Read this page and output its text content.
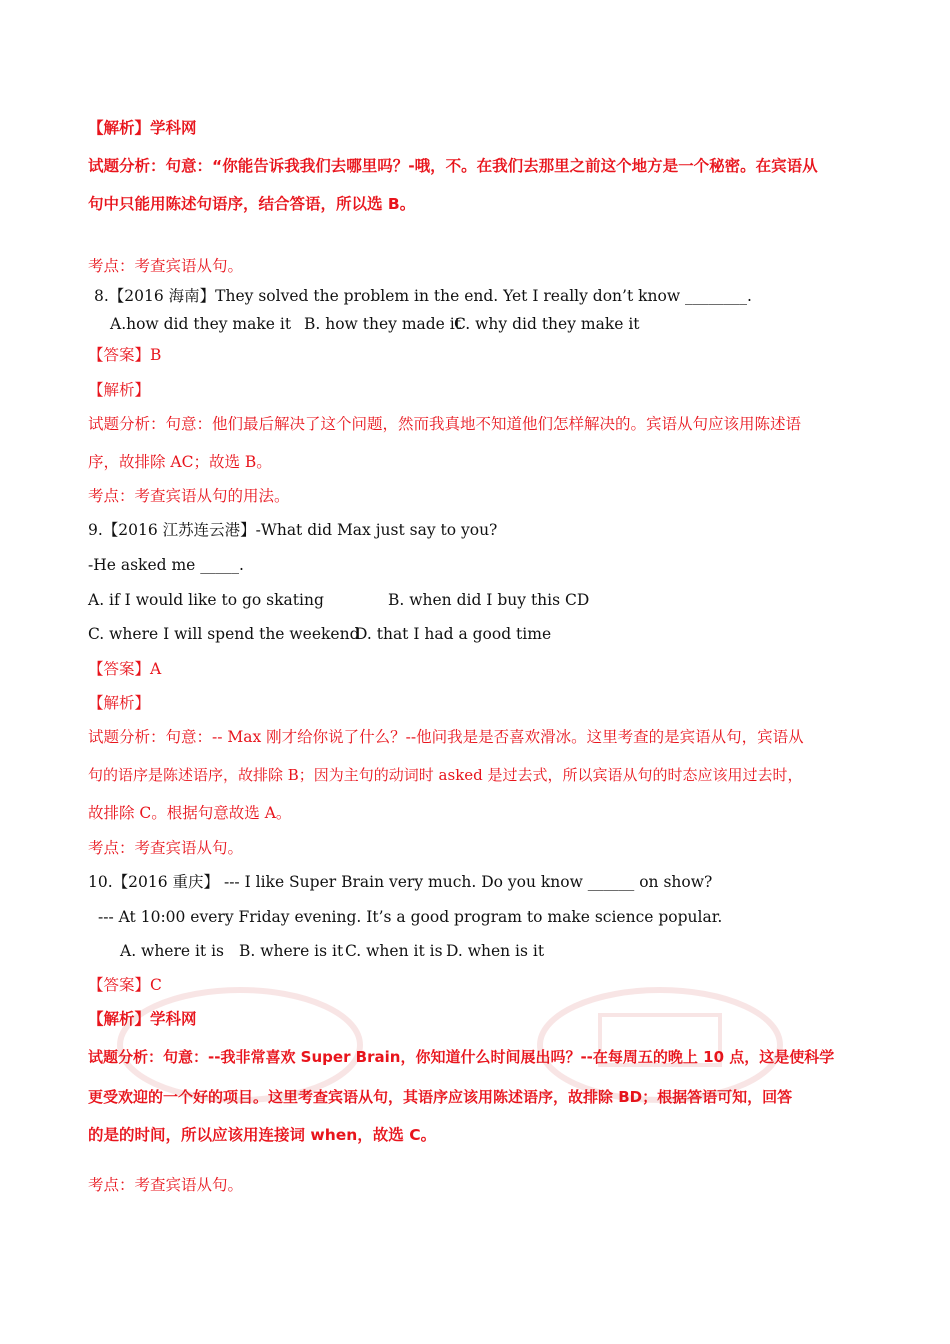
【解析】学科网
试题分析：句意：“你能告诉我我们去哪里吗？-哦，不。在我们去那里之前这个地方是一个秘密。在宾语从
句中只能用陈述句语序，结合答语，所以选 B。
考点：考查宾语从句。
8.【2016 海南】They solved the problem in the end. Yet I really don’t know ________.
A.how did they make it B. how they made itC. why did they make it
【答案】B
【解析】
试题分析：句意：他们最后解决了这个问题，然而我真地不知道他们怎样解决的。宾语从句应该用陈述语
序，故排除 AC；故选 B。
考点：考查宾语从句的用法。
9.【2016 江苏连云港】-What did Max just say to you?
-He asked me _____.
A. if I would like to go skating	B. when did I buy this CD
C. where I will spend the weekendD. that I had a good time
【答案】A
【解析】
试题分析：句意：-- Max 刚才给你说了什么？--他问我是是否喜欢滑冰。这里考查的是宾语从句，宾语从
句的语序是陈述语序，故排除 B；因为主句的动词时 asked 是过去式，所以宾语从句的时态应该用过去时，
故排除 C。根据句意故选 A。
考点：考查宾语从句。
10.【2016 重庆】 --- I like Super Brain very much. Do you know ______ on show?
--- At 10:00 every Friday evening. It’s a good program to make science popular.
A. where it is B. where is it C. when it is D. when is it
【答案】C
【解析】学科网
试题分析：句意：--我非常喜欢 Super Brain，你知道什么时间展出吗？--在每周五的晚上 10 点，这是使科学
更受欢迎的一个好的项目。这里考查宾语从句，其语序应该用陈述语序，故排除 BD；根据答语可知，回答
的是的时间，所以应该用连接词 when，故选 C。
考点：考查宾语从句。
